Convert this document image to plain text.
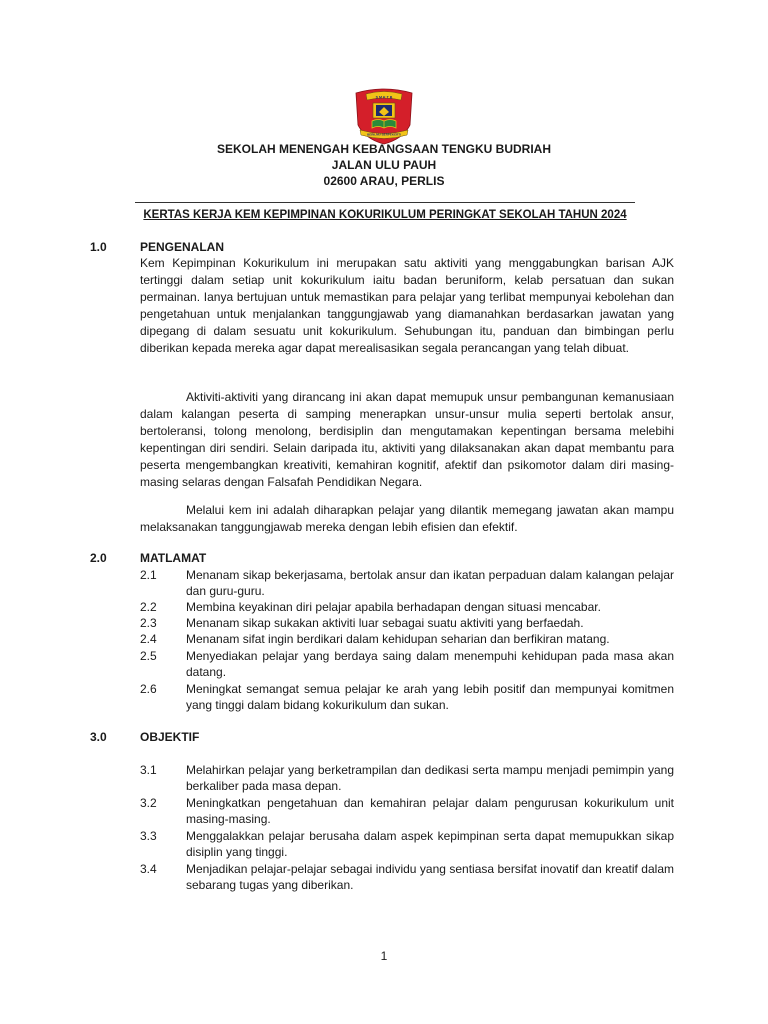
S M K T B
BERILMU BERPEKERTI
SEKOLAH MENENGAH KEBANGSAAN TENGKU BUDRIAH
JALAN ULU PAUH
02600 ARAU, PERLIS
KERTAS KERJA KEM KEPIMPINAN KOKURIKULUM PERINGKAT SEKOLAH TAHUN 2024
1.0	PENGENALAN

Kem Kepimpinan Kokurikulum ini merupakan satu aktiviti yang menggabungkan barisan AJK tertinggi dalam setiap unit kokurikulum iaitu badan beruniform, kelab persatuan dan sukan permainan. Ianya bertujuan untuk memastikan para pelajar yang terlibat mempunyai kebolehan dan pengetahuan untuk menjalankan tanggungjawab yang diamanahkan berdasarkan jawatan yang dipegang di dalam sesuatu unit kokurikulum. Sehubungan itu, panduan dan bimbingan perlu diberikan kepada mereka agar dapat merealisasikan segala perancangan yang telah dibuat.

Aktiviti-aktiviti yang dirancang ini akan dapat memupuk unsur pembangunan kemanusiaan dalam kalangan peserta di samping menerapkan unsur-unsur mulia seperti bertolak ansur, bertoleransi, tolong menolong, berdisiplin dan mengutamakan kepentingan bersama melebihi kepentingan diri sendiri. Selain daripada itu, aktiviti yang dilaksanakan akan dapat membantu para peserta mengembangkan kreativiti, kemahiran kognitif, afektif dan psikomotor dalam diri masing-masing selaras dengan Falsafah Pendidikan Negara.

Melalui kem ini adalah diharapkan pelajar yang dilantik memegang jawatan akan mampu melaksanakan tanggungjawab mereka dengan lebih efisien dan efektif.

2.0	MATLAMAT
2.1 Menanam sikap bekerjasama, bertolak ansur dan ikatan perpaduan dalam kalangan pelajar dan guru-guru.

2.2 Membina keyakinan diri pelajar apabila berhadapan dengan situasi mencabar.

2.3 Menanam sikap sukakan aktiviti luar sebagai suatu aktiviti yang berfaedah.

2.4 Menanam sifat ingin berdikari dalam kehidupan seharian dan berfikiran matang.

2.5 Menyediakan pelajar yang berdaya saing dalam menempuhi kehidupan pada masa akan datang.

2.6 Meningkat semangat semua pelajar ke arah yang lebih positif dan mempunyai komitmen yang tinggi dalam bidang kokurikulum dan sukan.

3.0	OBJEKTIF
3.1 Melahirkan pelajar yang berketrampilan dan dedikasi serta mampu menjadi pemimpin yang berkaliber pada masa depan.

3.2 Meningkatkan pengetahuan dan kemahiran pelajar dalam pengurusan kokurikulum unit masing-masing.

3.3 Menggalakkan pelajar berusaha dalam aspek kepimpinan serta dapat memupukkan sikap disiplin yang tinggi.

3.4 Menjadikan pelajar-pelajar sebagai individu yang sentiasa bersifat inovatif dan kreatif dalam sebarang tugas yang diberikan.

1
